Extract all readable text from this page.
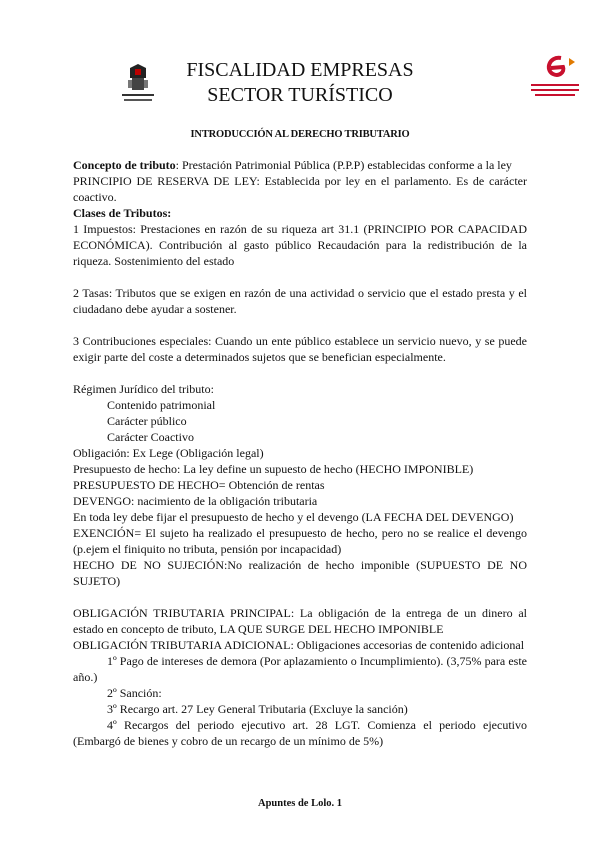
FISCALIDAD EMPRESAS SECTOR TURÍSTICO
INTRODUCCIÓN AL DERECHO TRIBUTARIO

Concepto de tributo: Prestación Patrimonial Pública (P.P.P) establecidas conforme a la ley

PRINCIPIO DE RESERVA DE LEY: Establecida por ley en el parlamento. Es de carácter coactivo.

Clases de Tributos:

1 Impuestos: Prestaciones en razón de su riqueza art 31.1 (PRINCIPIO POR CAPACIDAD ECONÓMICA). Contribución al gasto público Recaudación para la redistribución de la riqueza. Sostenimiento del estado

2 Tasas: Tributos que se exigen en razón de una actividad o servicio que el estado presta y el ciudadano debe ayudar a sostener.

3 Contribuciones especiales: Cuando un ente público establece un servicio nuevo, y se puede exigir parte del coste a determinados sujetos que se benefician especialmente.

Régimen Jurídico del tributo:

Contenido patrimonial

Carácter público

Carácter Coactivo

Obligación: Ex Lege (Obligación legal)

Presupuesto de hecho: La ley define un supuesto de hecho (HECHO IMPONIBLE)

PRESUPUESTO DE HECHO= Obtención de rentas

DEVENGO: nacimiento de la obligación tributaria

En toda ley debe fijar el presupuesto de hecho y el devengo (LA FECHA DEL DEVENGO)

EXENCIÓN= El sujeto ha realizado el presupuesto de hecho, pero no se realice el devengo (p.ejem el finiquito no tributa, pensión por incapacidad)

HECHO DE NO SUJECIÓN:No realización de hecho imponible (SUPUESTO DE NO SUJETO)

OBLIGACIÓN TRIBUTARIA PRINCIPAL: La obligación de la entrega de un dinero al estado en concepto de tributo, LA QUE SURGE DEL HECHO IMPONIBLE

OBLIGACIÓN TRIBUTARIA ADICIONAL: Obligaciones accesorias de contenido adicional

1º Pago de intereses de demora (Por aplazamiento o Incumplimiento). (3,75% para este año.)

2º Sanción:

3º Recargo art. 27 Ley General Tributaria (Excluye la sanción)

4º Recargos del periodo ejecutivo art. 28 LGT. Comienza el periodo ejecutivo (Embargó de bienes y cobro de un recargo de un mínimo de 5%)

Apuntes de Lolo. 1
